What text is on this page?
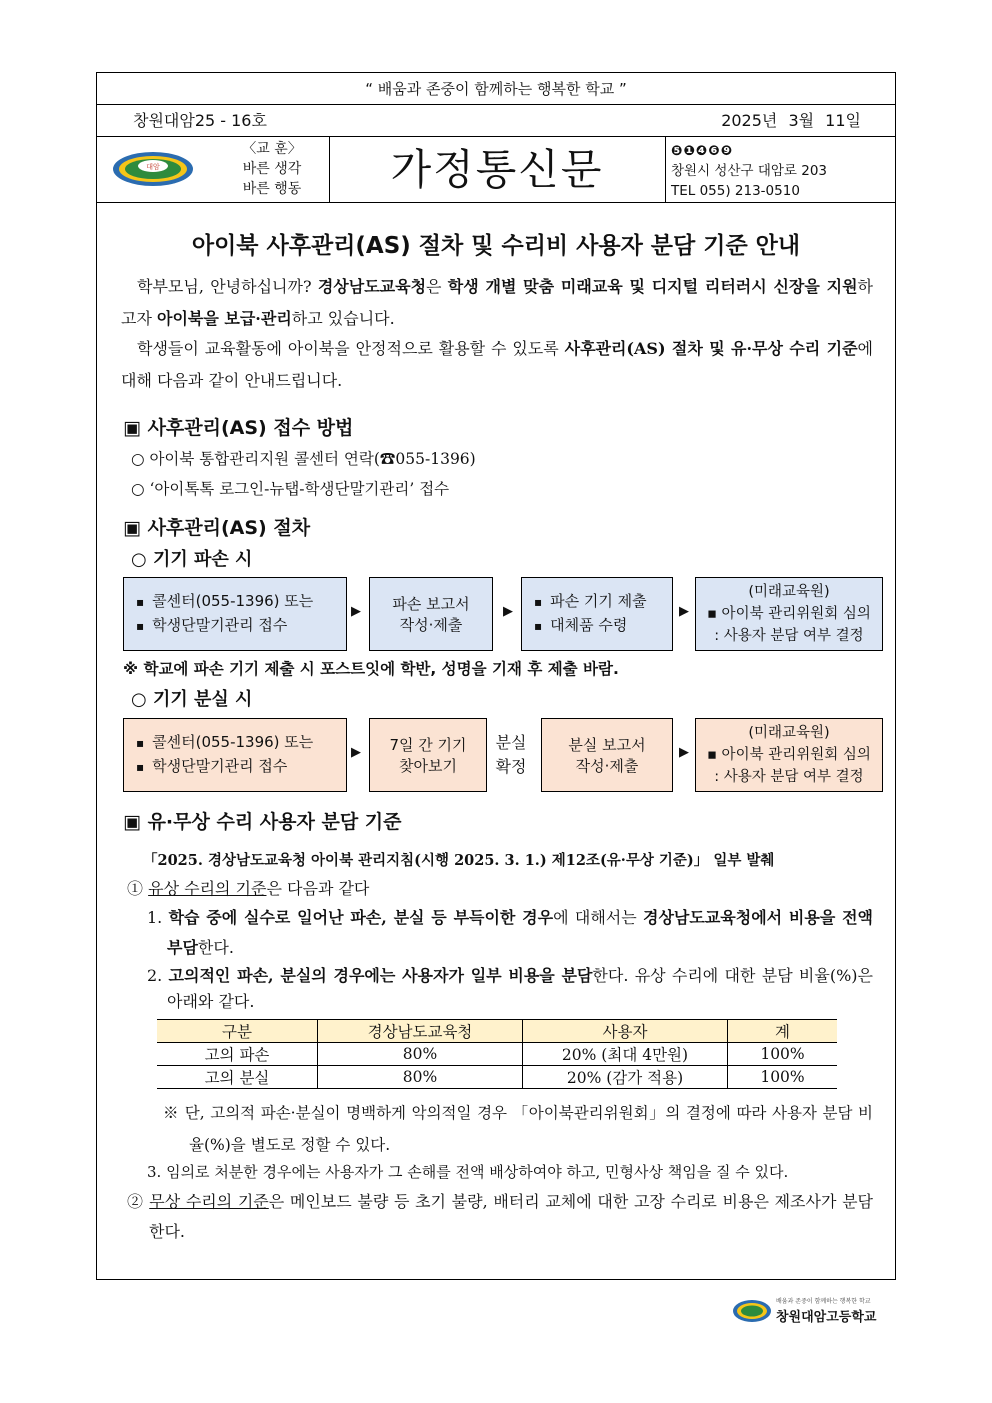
“ 배움과 존중이 함께하는 행복한 학교 ”
창원대암25 - 16호	2025년 3월 11일
대암
〈교 훈〉
바른 생각
바른 행동	가정통신문	❺❶❹❻❾
창원시 성산구 대암로 203
TEL 055) 213-0510
아이북 사후관리(AS) 절차 및 수리비 사용자 분담 기준 안내
학부모님, 안녕하십니까? 경상남도교육청은 학생 개별 맞춤 미래교육 및 디지털 리터러시 신장을 지원하고자 아이북을 보급·관리하고 있습니다.
학생들이 교육활동에 아이북을 안정적으로 활용할 수 있도록 사후관리(AS) 절차 및 유·무상 수리 기준에 대해 다음과 같이 안내드립니다.
▣ 사후관리(AS) 접수 방법
○ 아이북 통합관리지원 콜센터 연락(☎055-1396)
○ ‘아이톡톡 로그인-뉴탭-학생단말기관리’ 접수
▣ 사후관리(AS) 절차
○ 기기 파손 시
▪ 콜센터(055-1396) 또는
▪ 학생단말기관리 접수
▶ 파손 보고서
작성·제출
▶
▪ 파손 기기 제출
▪ 대체품 수령
▶
(미래교육원)
▪ 아이북 관리위원회 심의
: 사용자 분담 여부 결정
※ 학교에 파손 기기 제출 시 포스트잇에 학반, 성명을 기재 후 제출 바람.
○ 기기 분실 시
▪ 콜센터(055-1396) 또는
▪ 학생단말기관리 접수
▶ 7일 간 기기
찾아보기
분실
확정
분실 보고서
작성·제출
▶
(미래교육원)
▪ 아이북 관리위원회 심의
: 사용자 분담 여부 결정
▣ 유·무상 수리 사용자 분담 기준
「2025. 경상남도교육청 아이북 관리지침(시행 2025. 3. 1.) 제12조(유·무상 기준)」 일부 발췌
① 유상 수리의 기준은 다음과 같다
1. 학습 중에 실수로 일어난 파손, 분실 등 부득이한 경우에 대해서는 경상남도교육청에서 비용을 전액 부담한다.
2. 고의적인 파손, 분실의 경우에는 사용자가 일부 비용을 분담한다. 유상 수리에 대한 분담 비율(%)은 아래와 같다.
구분	경상남도교육청	사용자	계
고의 파손	80%	20% (최대 4만원)	100%
고의 분실	80%	20% (감가 적용)	100%
※ 단, 고의적 파손·분실이 명백하게 악의적일 경우 「아이북관리위원회」의 결정에 따라 사용자 분담 비율(%)을 별도로 정할 수 있다.
3. 임의로 처분한 경우에는 사용자가 그 손해를 전액 배상하여야 하고, 민형사상 책임을 질 수 있다.
② 무상 수리의 기준은 메인보드 불량 등 초기 불량, 배터리 교체에 대한 고장 수리로 비용은 제조사가 분담한다.
배움과 존중이 함께하는 행복한 학교
창원대암고등학교
